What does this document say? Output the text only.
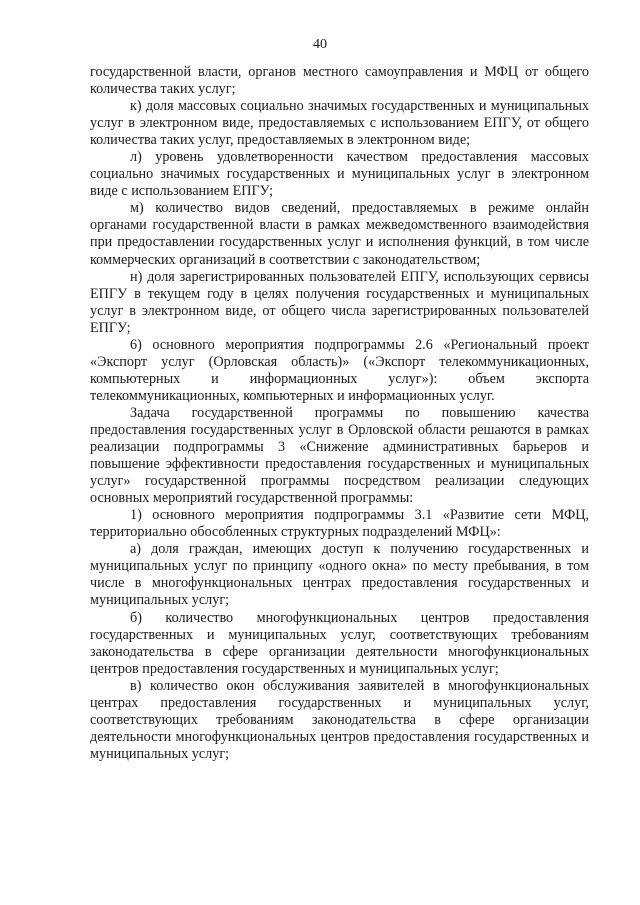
40

государственной власти, органов местного самоуправления и МФЦ от общего количества таких услуг;

к) доля массовых социально значимых государственных и муниципальных услуг в электронном виде, предоставляемых с использованием ЕПГУ, от общего количества таких услуг, предоставляемых в электронном виде;

л) уровень удовлетворенности качеством предоставления массовых социально значимых государственных и муниципальных услуг в электронном виде с использованием ЕПГУ;

м) количество видов сведений, предоставляемых в режиме онлайн органами государственной власти в рамках межведомственного взаимодействия при предоставлении государственных услуг и исполнения функций, в том числе коммерческих организаций в соответствии с законодательством;

н) доля зарегистрированных пользователей ЕПГУ, использующих сервисы ЕПГУ в текущем году в целях получения государственных и муниципальных услуг в электронном виде, от общего числа зарегистрированных пользователей ЕПГУ;

6) основного мероприятия подпрограммы 2.6 «Региональный проект «Экспорт услуг (Орловская область)» («Экспорт телекоммуникационных, компьютерных и информационных услуг»): объем экспорта телекоммуникационных, компьютерных и информационных услуг.

Задача государственной программы по повышению качества предоставления государственных услуг в Орловской области решаются в рамках реализации подпрограммы 3 «Снижение административных барьеров и повышение эффективности предоставления государственных и муниципальных услуг» государственной программы посредством реализации следующих основных мероприятий государственной программы:

1) основного мероприятия подпрограммы 3.1 «Развитие сети МФЦ, территориально обособленных структурных подразделений МФЦ»:

а) доля граждан, имеющих доступ к получению государственных и муниципальных услуг по принципу «одного окна» по месту пребывания, в том числе в многофункциональных центрах предоставления государственных и муниципальных услуг;

б) количество многофункциональных центров предоставления государственных и муниципальных услуг, соответствующих требованиям законодательства в сфере организации деятельности многофункциональных центров предоставления государственных и муниципальных услуг;

в) количество окон обслуживания заявителей в многофункциональных центрах предоставления государственных и муниципальных услуг, соответствующих требованиям законодательства в сфере организации деятельности многофункциональных центров предоставления государственных и муниципальных услуг;
